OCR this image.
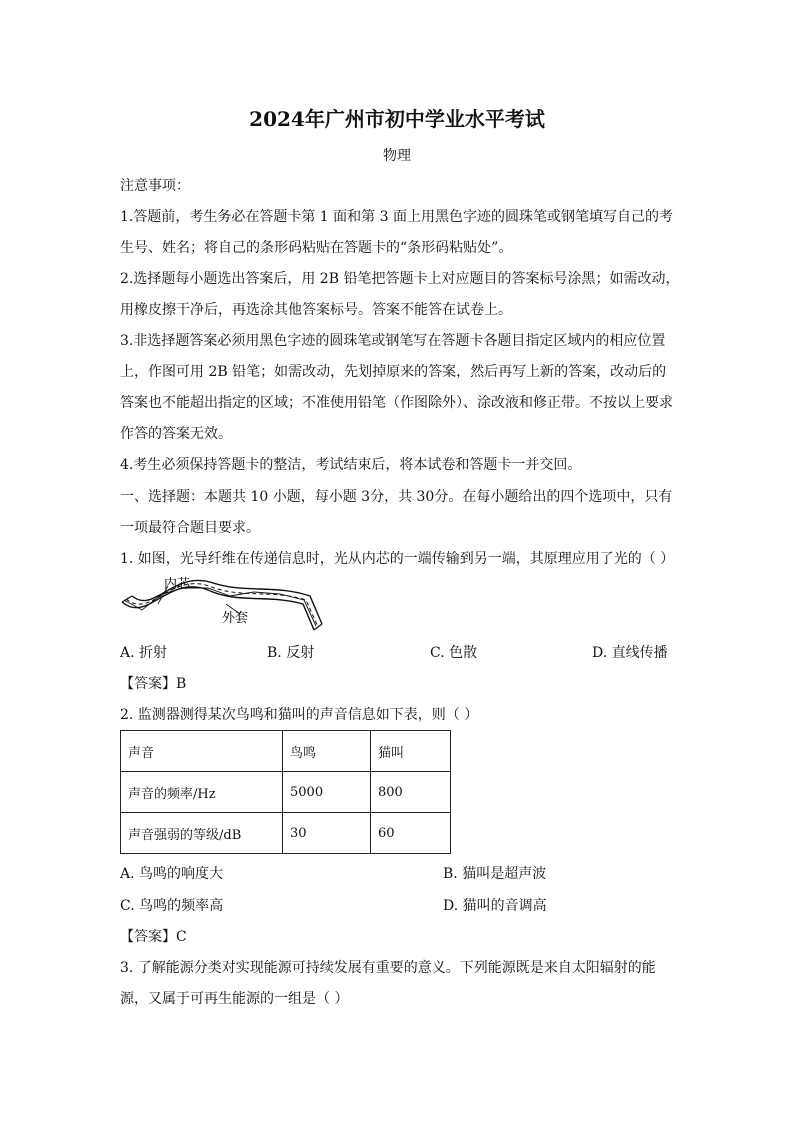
2024年广州市初中学业水平考试
物理
注意事项：
1.答题前，考生务必在答题卡第 1 面和第 3 面上用黑色字迹的圆珠笔或钢笔填写自己的考
生号、姓名；将自己的条形码粘贴在答题卡的“条形码粘贴处”。
2.选择题每小题选出答案后，用 2B 铅笔把答题卡上对应题目的答案标号涂黑；如需改动，
用橡皮擦干净后，再选涂其他答案标号。答案不能答在试卷上。
3.非选择题答案必须用黑色字迹的圆珠笔或钢笔写在答题卡各题目指定区域内的相应位置
上，作图可用 2B 铅笔；如需改动，先划掉原来的答案，然后再写上新的答案，改动后的
答案也不能超出指定的区域；不准使用铅笔（作图除外）、涂改液和修正带。不按以上要求
作答的答案无效。
4.考生必须保持答题卡的整洁，考试结束后，将本试卷和答题卡一并交回。
一、选择题：本题共 10 小题，每小题 3分，共 30分。在每小题给出的四个选项中，只有
一项最符合题目要求。
1. 如图，光导纤维在传递信息时，光从内芯的一端传输到另一端，其原理应用了光的（ ）
内芯
外套
A. 折射	B. 反射	C. 色散	D. 直线传播
【答案】B
2. 监测器测得某次鸟鸣和猫叫的声音信息如下表，则（ ）
声音	鸟鸣	猫叫
声音的频率/Hz	5000	800
声音强弱的等级/dB	30	60
A. 鸟鸣的响度大	B. 猫叫是超声波
C. 鸟鸣的频率高	D. 猫叫的音调高
【答案】C
3. 了解能源分类对实现能源可持续发展有重要的意义。下列能源既是来自太阳辐射的能
源，又属于可再生能源的一组是（ ）
